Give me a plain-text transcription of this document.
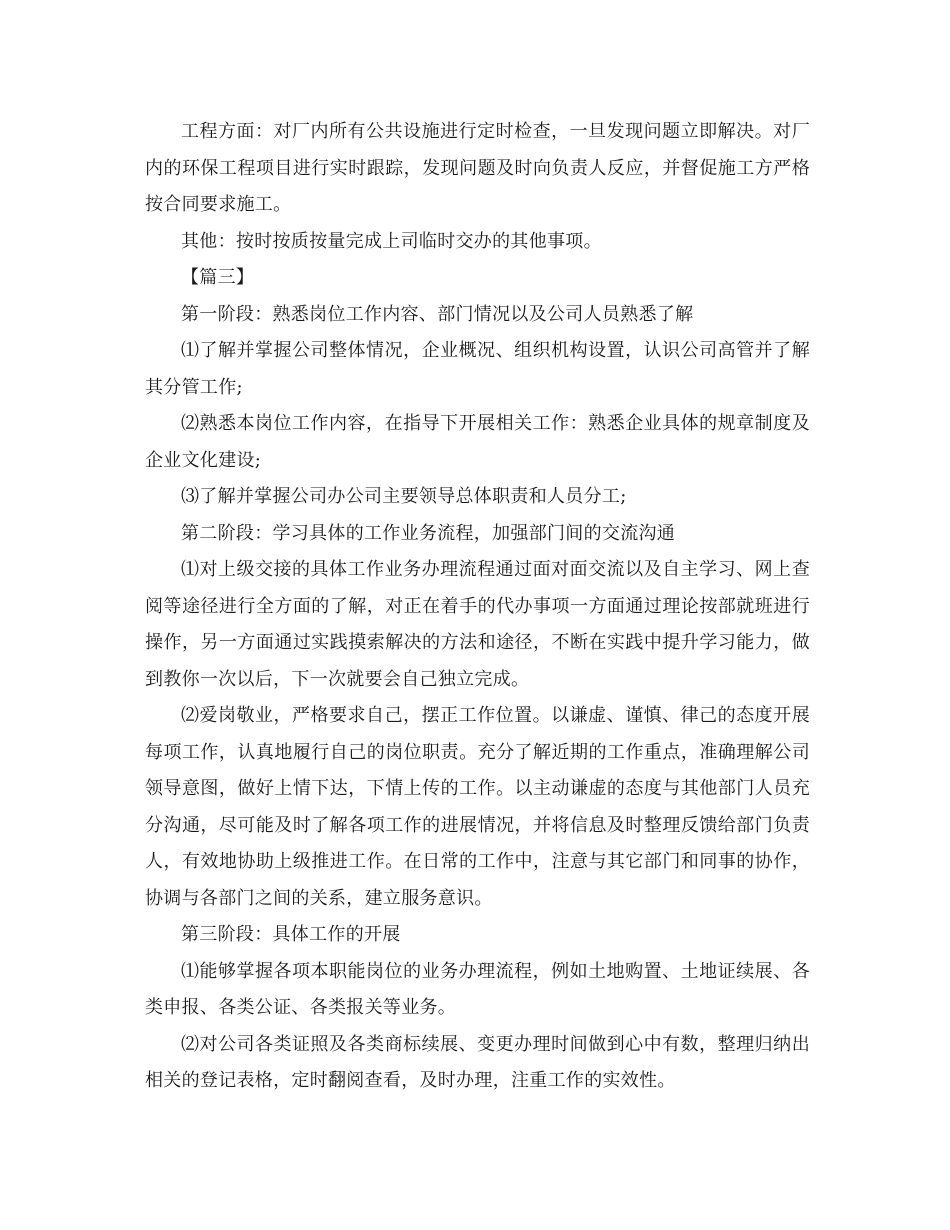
工程方面：对厂内所有公共设施进行定时检查，一旦发现问题立即解决。对厂内的环保工程项目进行实时跟踪，发现问题及时向负责人反应，并督促施工方严格按合同要求施工。

其他：按时按质按量完成上司临时交办的其他事项。

【篇三】

第一阶段：熟悉岗位工作内容、部门情况以及公司人员熟悉了解

⑴了解并掌握公司整体情况，企业概况、组织机构设置，认识公司高管并了解其分管工作;

⑵熟悉本岗位工作内容，在指导下开展相关工作：熟悉企业具体的规章制度及企业文化建设;

⑶了解并掌握公司办公司主要领导总体职责和人员分工;

第二阶段：学习具体的工作业务流程，加强部门间的交流沟通

⑴对上级交接的具体工作业务办理流程通过面对面交流以及自主学习、网上查阅等途径进行全方面的了解，对正在着手的代办事项一方面通过理论按部就班进行操作，另一方面通过实践摸索解决的方法和途径，不断在实践中提升学习能力，做到教你一次以后，下一次就要会自己独立完成。

⑵爱岗敬业，严格要求自己，摆正工作位置。以谦虚、谨慎、律己的态度开展每项工作，认真地履行自己的岗位职责。充分了解近期的工作重点，准确理解公司领导意图，做好上情下达，下情上传的工作。以主动谦虚的态度与其他部门人员充分沟通，尽可能及时了解各项工作的进展情况，并将信息及时整理反馈给部门负责人，有效地协助上级推进工作。在日常的工作中，注意与其它部门和同事的协作，协调与各部门之间的关系，建立服务意识。

第三阶段：具体工作的开展

⑴能够掌握各项本职能岗位的业务办理流程，例如土地购置、土地证续展、各类申报、各类公证、各类报关等业务。

⑵对公司各类证照及各类商标续展、变更办理时间做到心中有数，整理归纳出相关的登记表格，定时翻阅查看，及时办理，注重工作的实效性。
